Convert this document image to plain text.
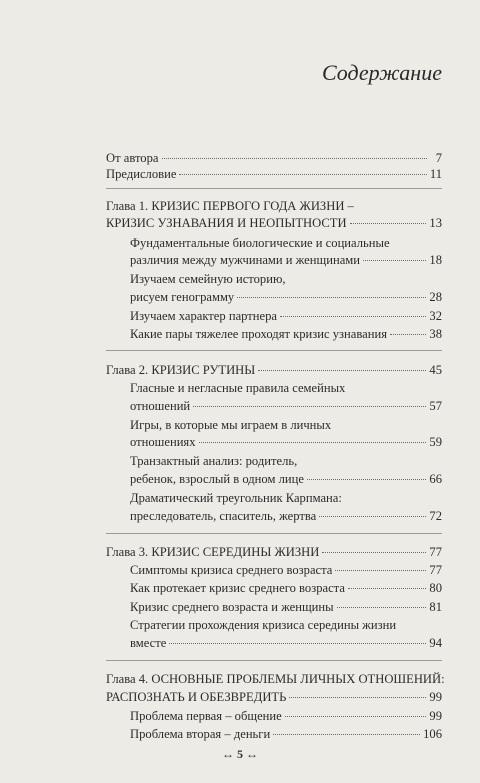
Содержание
От автора	7
Предисловие	11
Глава 1. КРИЗИС ПЕРВОГО ГОДА ЖИЗНИ –
КРИЗИС УЗНАВАНИЯ И НЕОПЫТНОСТИ	13
Фундаментальные биологические и социальные
различия между мужчинами и женщинами	18
Изучаем семейную историю,
рисуем генограмму	28
Изучаем характер партнера	32
Какие пары тяжелее проходят кризис узнавания	38
Глава 2. КРИЗИС РУТИНЫ	45
Гласные и негласные правила семейных
отношений	57
Игры, в которые мы играем в личных
отношениях	59
Транзактный анализ: родитель,
ребенок, взрослый в одном лице	66
Драматический треугольник Карпмана:
преследователь, спаситель, жертва	72
Глава 3. КРИЗИС СЕРЕДИНЫ ЖИЗНИ	77
Симптомы кризиса среднего возраста	77
Как протекает кризис среднего возраста	80
Кризис среднего возраста и женщины	81
Стратегии прохождения кризиса середины жизни
вместе	94
Глава 4. ОСНОВНЫЕ ПРОБЛЕМЫ ЛИЧНЫХ ОТНОШЕНИЙ:
РАСПОЗНАТЬ И ОБЕЗВРЕДИТЬ	99
Проблема первая – общение	99
Проблема вторая – деньги	106
↔ 5 ↔
